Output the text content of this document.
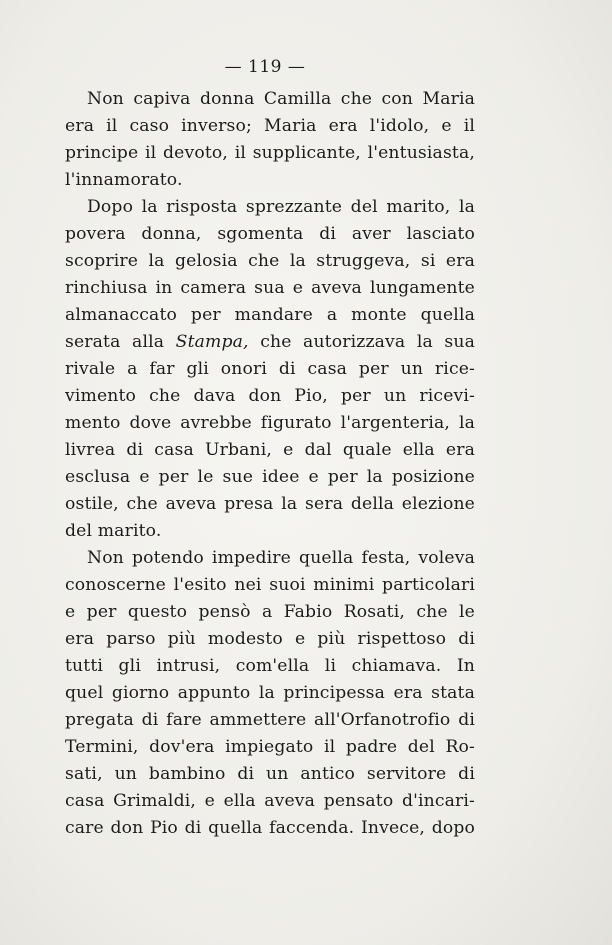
— 119 —
Non capiva donna Camilla che con Maria
era il caso inverso; Maria era l'idolo, e il
principe il devoto, il supplicante, l'entusiasta,
l'innamorato.
Dopo la risposta sprezzante del marito, la
povera donna, sgomenta di aver lasciato
scoprire la gelosia che la struggeva, si era
rinchiusa in camera sua e aveva lungamente
almanaccato per mandare a monte quella
serata alla Stampa, che autorizzava la sua
rivale a far gli onori di casa per un rice-
vimento che dava don Pio, per un ricevi-
mento dove avrebbe figurato l'argenteria, la
livrea di casa Urbani, e dal quale ella era
esclusa e per le sue idee e per la posizione
ostile, che aveva presa la sera della elezione
del marito.
Non potendo impedire quella festa, voleva
conoscerne l'esito nei suoi minimi particolari
e per questo pensò a Fabio Rosati, che le
era parso più modesto e più rispettoso di
tutti gli intrusi, com'ella li chiamava. In
quel giorno appunto la principessa era stata
pregata di fare ammettere all'Orfanotrofio di
Termini, dov'era impiegato il padre del Ro-
sati, un bambino di un antico servitore di
casa Grimaldi, e ella aveva pensato d'incari-
care don Pio di quella faccenda. Invece, dopo
